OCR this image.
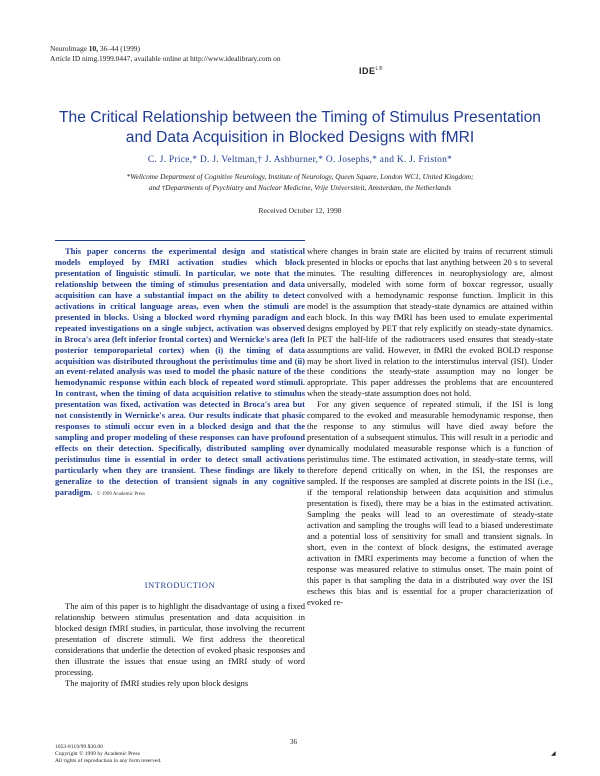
NeuroImage 10, 36–44 (1999)
Article ID nimg.1999.0447, available online at http://www.idealibrary.com on
$IDE^{L®}$
The Critical Relationship between the Timing of Stimulus Presentation
and Data Acquisition in Blocked Designs with fMRI
C. J. Price,* D. J. Veltman,† J. Ashburner,* O. Josephs,* and K. J. Friston*
*Wellcome Department of Cognitive Neurology, Institute of Neurology, Queen Square, London WC1, United Kingdom;
and †Departments of Psychiatry and Nuclear Medicine, Vrije Universiteit, Amsterdam, the Netherlands
Received October 12, 1998

This paper concerns the experimental design and statistical models employed by fMRI activation studies which block presentation of linguistic stimuli. In particular, we note that the relationship between the timing of stimulus presentation and data acquisition can have a substantial impact on the ability to detect activations in critical language areas, even when the stimuli are presented in blocks. Using a blocked word rhyming paradigm and repeated investigations on a single subject, activation was observed in Broca's area (left inferior frontal cortex) and Wernicke's area (left posterior temporoparietal cortex) when (i) the timing of data acquisition was distributed throughout the peristimulus time and (ii) an event-related analysis was used to model the phasic nature of the hemodynamic response within each block of repeated word stimuli. In contrast, when the timing of data acquisition relative to stimulus presentation was fixed, activation was detected in Broca's area but not consistently in Wernicke's area. Our results indicate that phasic responses to stimuli occur even in a blocked design and that the sampling and proper modeling of these responses can have profound effects on their detection. Specifically, distributed sampling over peristimulus time is essential in order to detect small activations particularly when they are transient. These findings are likely to generalize to the detection of transient signals in any cognitive paradigm. © 1999 Academic Press

INTRODUCTION

The aim of this paper is to highlight the disadvantage of using a fixed relationship between stimulus presentation and data acquisition in blocked design fMRI studies, in particular, those involving the recurrent presentation of discrete stimuli. We first address the theoretical considerations that underlie the detection of evoked phasic responses and then illustrate the issues that ensue using an fMRI study of word processing.

The majority of fMRI studies rely upon block designs

where changes in brain state are elicited by trains of recurrent stimuli presented in blocks or epochs that last anything between 20 s to several minutes. The resulting differences in neurophysiology are, almost universally, modeled with some form of boxcar regressor, usually convolved with a hemodynamic response function. Implicit in this model is the assumption that steady-state dynamics are attained within each block. In this way fMRI has been used to emulate experimental designs employed by PET that rely explicitly on steady-state dynamics. In PET the half-life of the radiotracers used ensures that steady-state assumptions are valid. However, in fMRI the evoked BOLD response may be short lived in relation to the interstimulus interval (ISI). Under these conditions the steady-state assumption may no longer be appropriate. This paper addresses the problems that are encountered when the steady-state assumption does not hold.

For any given sequence of repeated stimuli, if the ISI is long compared to the evoked and measurable hemodynamic response, then the response to any stimulus will have died away before the presentation of a subsequent stimulus. This will result in a periodic and dynamically modulated measurable response which is a function of peristimulus time. The estimated activation, in steady-state terms, will therefore depend critically on when, in the ISI, the responses are sampled. If the responses are sampled at discrete points in the ISI (i.e., if the temporal relationship between data acquisition and stimulus presentation is fixed), there may be a bias in the estimated activation. Sampling the peaks will lead to an overestimate of steady-state activation and sampling the troughs will lead to a biased underestimate and a potential loss of sensitivity for small and transient signals. In short, even in the context of block designs, the estimated average activation in fMRI experiments may become a function of when the response was measured relative to stimulus onset. The main point of this paper is that sampling the data in a distributed way over the ISI eschews this bias and is essential for a proper characterization of evoked re-

36
1053-8119/99 $30.00
Copyright © 1999 by Academic Press
All rights of reproduction in any form reserved.
◢
